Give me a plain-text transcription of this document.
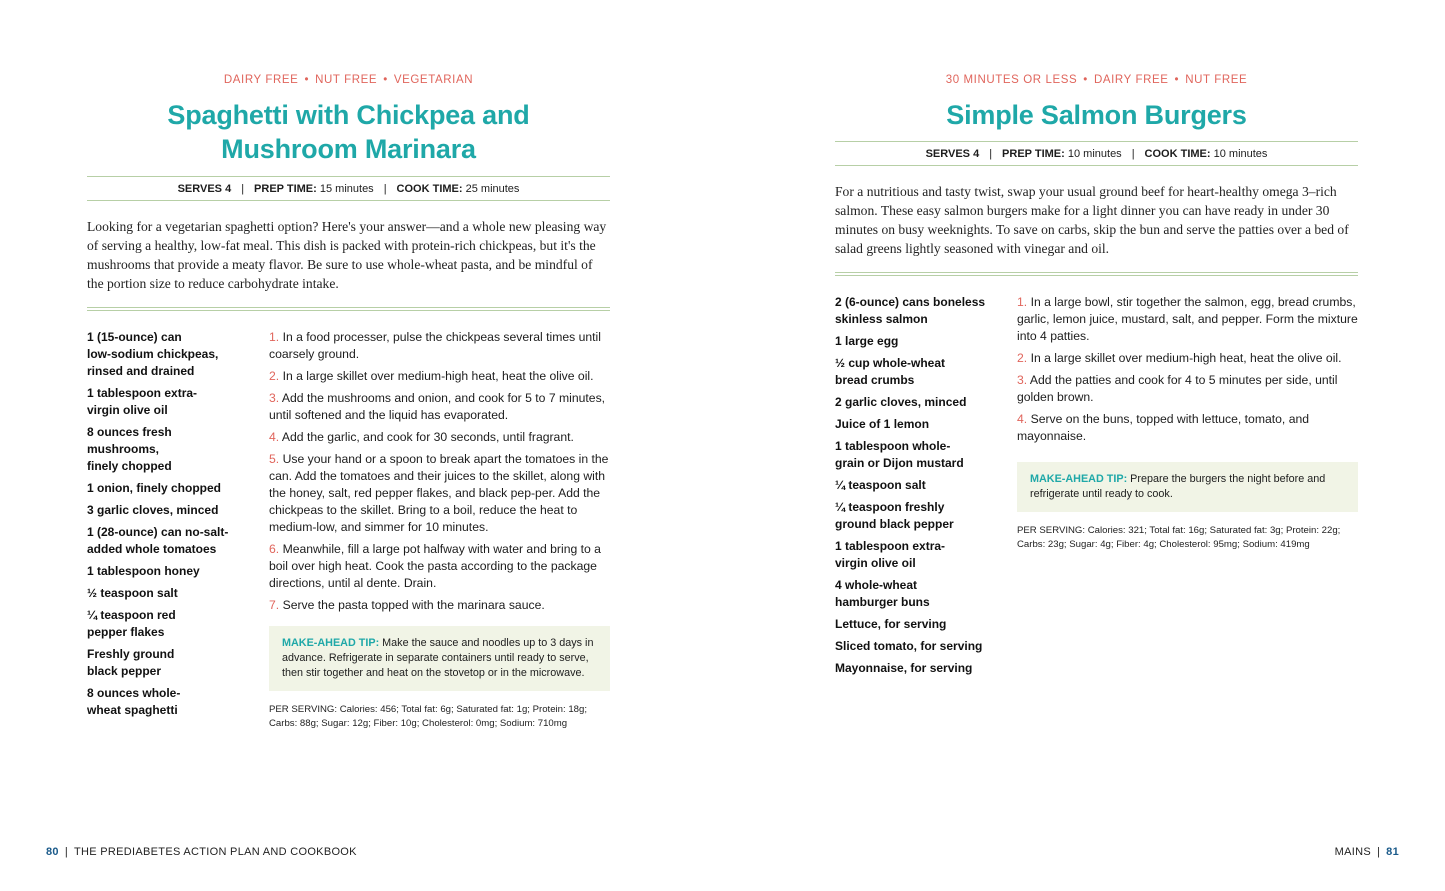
DAIRY FREE • NUT FREE • VEGETARIAN
Spaghetti with Chickpea and
Mushroom Marinara
SERVES 4 | PREP TIME: 15 minutes | COOK TIME: 25 minutes
Looking for a vegetarian spaghetti option? Here's your answer—and a whole new pleasing way of serving a healthy, low-fat meal. This dish is packed with protein-rich chickpeas, but it's the mushrooms that provide a meaty flavor. Be sure to use whole-wheat pasta, and be mindful of the portion size to reduce carbohydrate intake.
1 (15-ounce) can
low-sodium chickpeas,
rinsed and drained
1 tablespoon extra-
virgin olive oil
8 ounces fresh
mushrooms,
finely chopped
1 onion, finely chopped
3 garlic cloves, minced
1 (28-ounce) can no-salt-
added whole tomatoes
1 tablespoon honey
½ teaspoon salt
¼ teaspoon red
pepper flakes
Freshly ground
black pepper
8 ounces whole-
wheat spaghetti
1. In a food processer, pulse the chickpeas several times until coarsely ground.
2. In a large skillet over medium-high heat, heat the olive oil.
3. Add the mushrooms and onion, and cook for 5 to 7 minutes, until softened and the liquid has evaporated.
4. Add the garlic, and cook for 30 seconds, until fragrant.
5. Use your hand or a spoon to break apart the tomatoes in the can. Add the tomatoes and their juices to the skillet, along with the honey, salt, red pepper flakes, and black pep-per. Add the chickpeas to the skillet. Bring to a boil, reduce the heat to medium-low, and simmer for 10 minutes.
6. Meanwhile, fill a large pot halfway with water and bring to a boil over high heat. Cook the pasta according to the package directions, until al dente. Drain.
7. Serve the pasta topped with the marinara sauce.
MAKE-AHEAD TIP: Make the sauce and noodles up to 3 days in advance. Refrigerate in separate containers until ready to serve, then stir together and heat on the stovetop or in the microwave.
PER SERVING: Calories: 456; Total fat: 6g; Saturated fat: 1g; Protein: 18g; Carbs: 88g; Sugar: 12g; Fiber: 10g; Cholesterol: 0mg; Sodium: 710mg
30 MINUTES OR LESS • DAIRY FREE • NUT FREE
Simple Salmon Burgers
SERVES 4 | PREP TIME: 10 minutes | COOK TIME: 10 minutes
For a nutritious and tasty twist, swap your usual ground beef for heart-healthy omega 3–rich salmon. These easy salmon burgers make for a light dinner you can have ready in under 30 minutes on busy weeknights. To save on carbs, skip the bun and serve the patties over a bed of salad greens lightly seasoned with vinegar and oil.
2 (6-ounce) cans boneless
skinless salmon
1 large egg
½ cup whole-wheat
bread crumbs
2 garlic cloves, minced
Juice of 1 lemon
1 tablespoon whole-
grain or Dijon mustard
¼ teaspoon salt
¼ teaspoon freshly
ground black pepper
1 tablespoon extra-
virgin olive oil
4 whole-wheat
hamburger buns
Lettuce, for serving
Sliced tomato, for serving
Mayonnaise, for serving
1. In a large bowl, stir together the salmon, egg, bread crumbs, garlic, lemon juice, mustard, salt, and pepper. Form the mixture into 4 patties.
2. In a large skillet over medium-high heat, heat the olive oil.
3. Add the patties and cook for 4 to 5 minutes per side, until golden brown.
4. Serve on the buns, topped with lettuce, tomato, and mayonnaise.
MAKE-AHEAD TIP: Prepare the burgers the night before and refrigerate until ready to cook.
PER SERVING: Calories: 321; Total fat: 16g; Saturated fat: 3g; Protein: 22g; Carbs: 23g; Sugar: 4g; Fiber: 4g; Cholesterol: 95mg; Sodium: 419mg
80 | THE PREDIABETES ACTION PLAN AND COOKBOOK	MAINS | 81
